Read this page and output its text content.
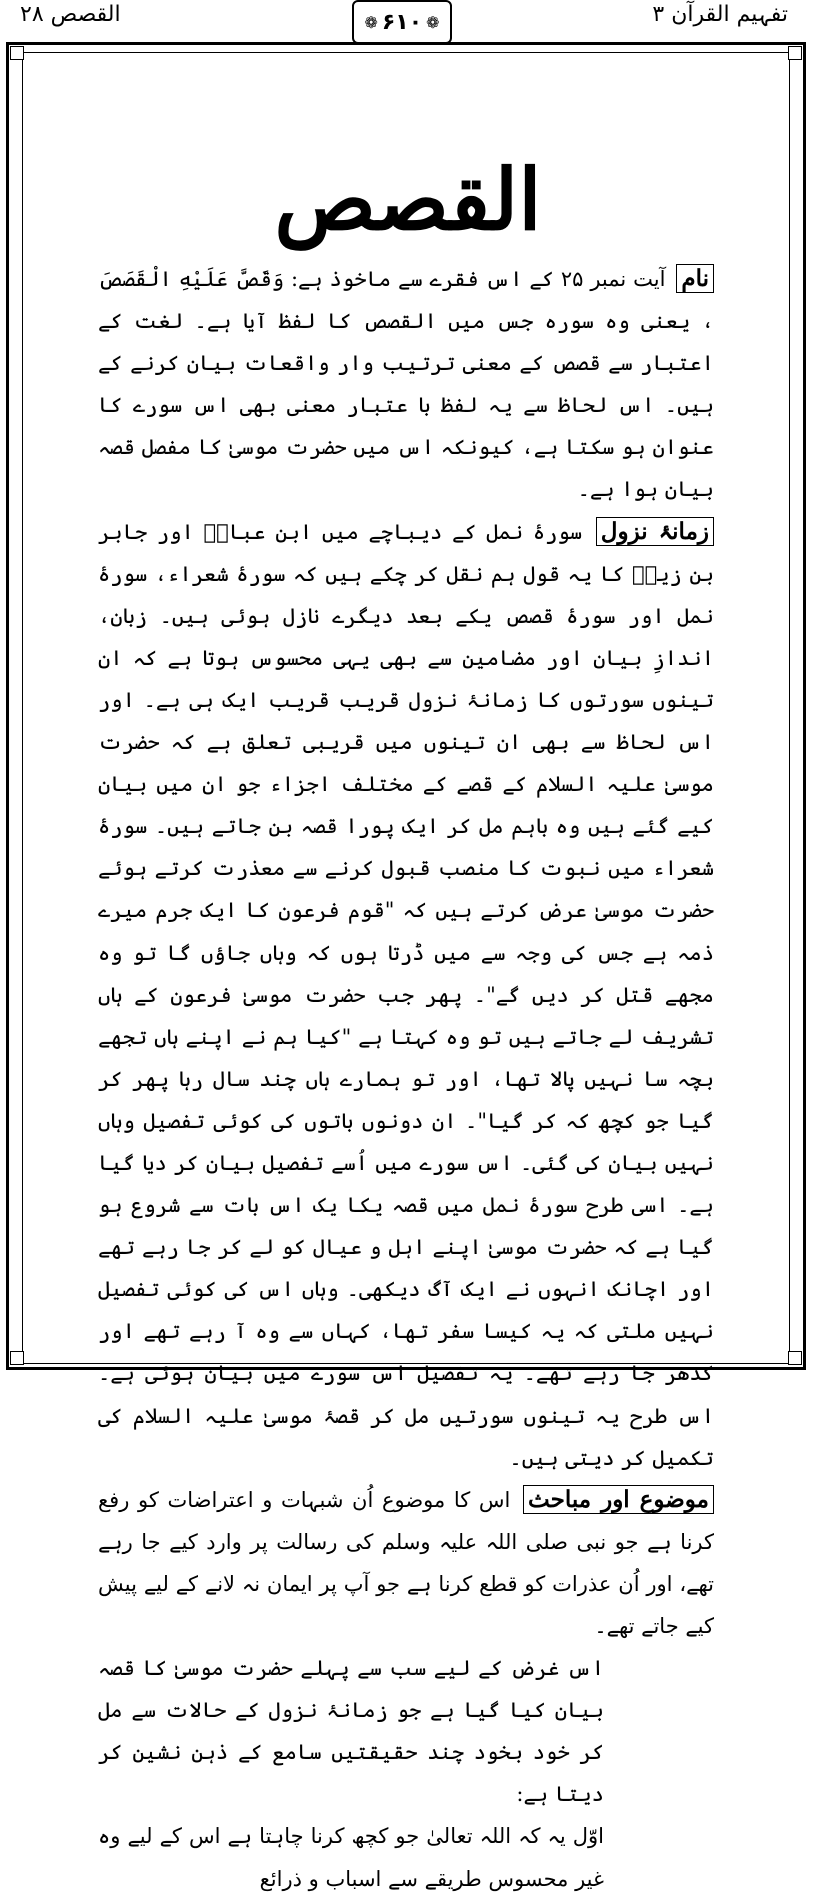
تفہیم القرآن ۳
❁ ۶۱۰
❁
القصص ۲۸
القصص

نام آیت نمبر ۲۵ کے اس فقرے سے ماخوذ ہے: وَقَصَّ عَلَيْهِ الْقَصَصَ ، یعنی وہ سورہ جس میں القصص کا لفظ آیا ہے۔ لغت کے اعتبار سے قصص کے معنی ترتیب وار واقعات بیان کرنے کے ہیں۔ اس لحاظ سے یہ لفظ با عتبار معنی بھی اس سورے کا عنوان ہو سکتا ہے، کیونکہ اس میں حضرت موسیٰ کا مفصل قصہ بیان ہوا ہے۔

زمانۂ نزول سورۂ نمل کے دیباچے میں ابن عباسؓ اور جابر بن زیدؓ کا یہ قول ہم نقل کر چکے ہیں کہ سورۂ شعراء، سورۂ نمل اور سورۂ قصص یکے بعد دیگرے نازل ہوئی ہیں۔ زبان، اندازِ بیان اور مضامین سے بھی یہی محسوس ہوتا ہے کہ ان تینوں سورتوں کا زمانۂ نزول قریب قریب ایک ہی ہے۔ اور اس لحاظ سے بھی ان تینوں میں قریبی تعلق ہے کہ حضرت موسیٰ علیہ السلام کے قصے کے مختلف اجزاء جو ان میں بیان کیے گئے ہیں وہ باہم مل کر ایک پورا قصہ بن جاتے ہیں۔ سورۂ شعراء میں نبوت کا منصب قبول کرنے سے معذرت کرتے ہوئے حضرت موسیٰ عرض کرتے ہیں کہ "قوم فرعون کا ایک جرم میرے ذمہ ہے جس کی وجہ سے میں ڈرتا ہوں کہ وہاں جاؤں گا تو وہ مجھے قتل کر دیں گے"۔ پھر جب حضرت موسیٰ فرعون کے ہاں تشریف لے جاتے ہیں تو وہ کہتا ہے "کیا ہم نے اپنے ہاں تجھے بچہ سا نہیں پالا تھا، اور تو ہمارے ہاں چند سال رہا پھر کر گیا جو کچھ کہ کر گیا"۔ ان دونوں باتوں کی کوئی تفصیل وہاں نہیں بیان کی گئی۔ اس سورے میں اُسے تفصیل بیان کر دیا گیا ہے۔ اسی طرح سورۂ نمل میں قصہ یکا یک اس بات سے شروع ہو گیا ہے کہ حضرت موسیٰ اپنے اہل و عیال کو لے کر جا رہے تھے اور اچانک انہوں نے ایک آگ دیکھی۔ وہاں اس کی کوئی تفصیل نہیں ملتی کہ یہ کیسا سفر تھا، کہاں سے وہ آ رہے تھے اور کدھر جا رہے تھے۔ یہ تفصیل اس سورے میں بیان ہوئی ہے۔ اس طرح یہ تینوں سورتیں مل کر قصۂ موسیٰ علیہ السلام کی تکمیل کر دیتی ہیں۔

موضوع اور مباحث اس کا موضوع اُن شبہات و اعتراضات کو رفع کرنا ہے جو نبی صلی اللہ علیہ وسلم کی رسالت پر وارد کیے جا رہے تھے، اور اُن عذرات کو قطع کرنا ہے جو آپ پر ایمان نہ لانے کے لیے پیش کیے جاتے تھے۔

اس غرض کے لیے سب سے پہلے حضرت موسیٰ کا قصہ بیان کیا گیا ہے جو زمانۂ نزول کے حالات سے مل کر خود بخود چند حقیقتیں سامع کے ذہن نشین کر دیتا ہے:

اوّل یہ کہ اللہ تعالیٰ جو کچھ کرنا چاہتا ہے اس کے لیے وہ غیر محسوس طریقے سے اسباب و ذرائع
